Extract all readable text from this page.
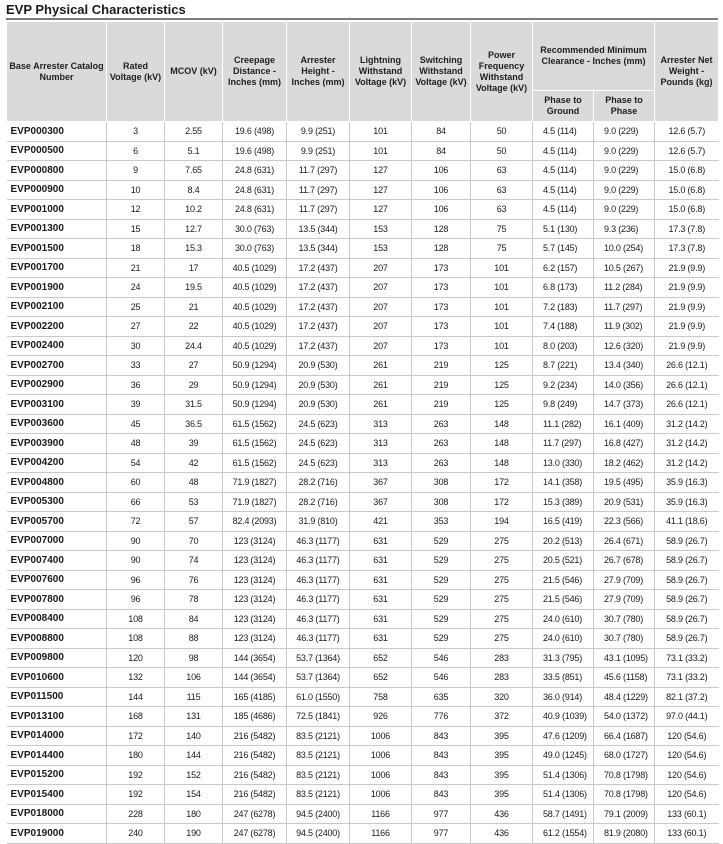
EVP Physical Characteristics
Base Arrester Catalog Number	Rated Voltage (kV)	MCOV (kV)	Creepage Distance - Inches (mm)	Arrester Height - Inches (mm)	Lightning Withstand Voltage (kV)	Switching Withstand Voltage (kV)	Power Frequency Withstand Voltage (kV)	Recommended Minimum Clearance - Inches (mm)		Arrester Net Weight - Pounds (kg)
								Phase to Ground	Phase to Phase	
EVP000300	3	2.55	19.6 (498)	9.9 (251)	101	84	50	4.5 (114)	9.0 (229)	12.6 (5.7)
EVP000500	6	5.1	19.6 (498)	9.9 (251)	101	84	50	4.5 (114)	9.0 (229)	12.6 (5.7)
EVP000800	9	7.65	24.8 (631)	11.7 (297)	127	106	63	4.5 (114)	9.0 (229)	15.0 (6.8)
EVP000900	10	8.4	24.8 (631)	11.7 (297)	127	106	63	4.5 (114)	9.0 (229)	15.0 (6.8)
EVP001000	12	10.2	24.8 (631)	11.7 (297)	127	106	63	4.5 (114)	9.0 (229)	15.0 (6.8)
EVP001300	15	12.7	30.0 (763)	13.5 (344)	153	128	75	5.1 (130)	9.3 (236)	17.3 (7.8)
EVP001500	18	15.3	30.0 (763)	13.5 (344)	153	128	75	5.7 (145)	10.0 (254)	17.3 (7.8)
EVP001700	21	17	40.5 (1029)	17.2 (437)	207	173	101	6.2 (157)	10.5 (267)	21.9 (9.9)
EVP001900	24	19.5	40.5 (1029)	17.2 (437)	207	173	101	6.8 (173)	11.2 (284)	21.9 (9.9)
EVP002100	25	21	40.5 (1029)	17.2 (437)	207	173	101	7.2 (183)	11.7 (297)	21.9 (9.9)
EVP002200	27	22	40.5 (1029)	17.2 (437)	207	173	101	7.4 (188)	11.9 (302)	21.9 (9.9)
EVP002400	30	24.4	40.5 (1029)	17.2 (437)	207	173	101	8.0 (203)	12.6 (320)	21.9 (9.9)
EVP002700	33	27	50.9 (1294)	20.9 (530)	261	219	125	8.7 (221)	13.4 (340)	26.6 (12.1)
EVP002900	36	29	50.9 (1294)	20.9 (530)	261	219	125	9.2 (234)	14.0 (356)	26.6 (12.1)
EVP003100	39	31.5	50.9 (1294)	20.9 (530)	261	219	125	9.8 (249)	14.7 (373)	26.6 (12.1)
EVP003600	45	36.5	61.5 (1562)	24.5 (623)	313	263	148	11.1 (282)	16.1 (409)	31.2 (14.2)
EVP003900	48	39	61.5 (1562)	24.5 (623)	313	263	148	11.7 (297)	16.8 (427)	31.2 (14.2)
EVP004200	54	42	61.5 (1562)	24.5 (623)	313	263	148	13.0 (330)	18.2 (462)	31.2 (14.2)
EVP004800	60	48	71.9 (1827)	28.2 (716)	367	308	172	14.1 (358)	19.5 (495)	35.9 (16.3)
EVP005300	66	53	71.9 (1827)	28.2 (716)	367	308	172	15.3 (389)	20.9 (531)	35.9 (16.3)
EVP005700	72	57	82.4 (2093)	31.9 (810)	421	353	194	16.5 (419)	22.3 (566)	41.1 (18.6)
EVP007000	90	70	123 (3124)	46.3 (1177)	631	529	275	20.2 (513)	26.4 (671)	58.9 (26.7)
EVP007400	90	74	123 (3124)	46.3 (1177)	631	529	275	20.5 (521)	26.7 (678)	58.9 (26.7)
EVP007600	96	76	123 (3124)	46.3 (1177)	631	529	275	21.5 (546)	27.9 (709)	58.9 (26.7)
EVP007800	96	78	123 (3124)	46.3 (1177)	631	529	275	21.5 (546)	27.9 (709)	58.9 (26.7)
EVP008400	108	84	123 (3124)	46.3 (1177)	631	529	275	24.0 (610)	30.7 (780)	58.9 (26.7)
EVP008800	108	88	123 (3124)	46.3 (1177)	631	529	275	24.0 (610)	30.7 (780)	58.9 (26.7)
EVP009800	120	98	144 (3654)	53.7 (1364)	652	546	283	31.3 (795)	43.1 (1095)	73.1 (33.2)
EVP010600	132	106	144 (3654)	53.7 (1364)	652	546	283	33.5 (851)	45.6 (1158)	73.1 (33.2)
EVP011500	144	115	165 (4185)	61.0 (1550)	758	635	320	36.0 (914)	48.4 (1229)	82.1 (37.2)
EVP013100	168	131	185 (4686)	72.5 (1841)	926	776	372	40.9 (1039)	54.0 (1372)	97.0 (44.1)
EVP014000	172	140	216 (5482)	83.5 (2121)	1006	843	395	47.6 (1209)	66.4 (1687)	120 (54.6)
EVP014400	180	144	216 (5482)	83.5 (2121)	1006	843	395	49.0 (1245)	68.0 (1727)	120 (54.6)
EVP015200	192	152	216 (5482)	83.5 (2121)	1006	843	395	51.4 (1306)	70.8 (1798)	120 (54.6)
EVP015400	192	154	216 (5482)	83.5 (2121)	1006	843	395	51.4 (1306)	70.8 (1798)	120 (54.6)
EVP018000	228	180	247 (6278)	94.5 (2400)	1166	977	436	58.7 (1491)	79.1 (2009)	133 (60.1)
EVP019000	240	190	247 (6278)	94.5 (2400)	1166	977	436	61.2 (1554)	81.9 (2080)	133 (60.1)
